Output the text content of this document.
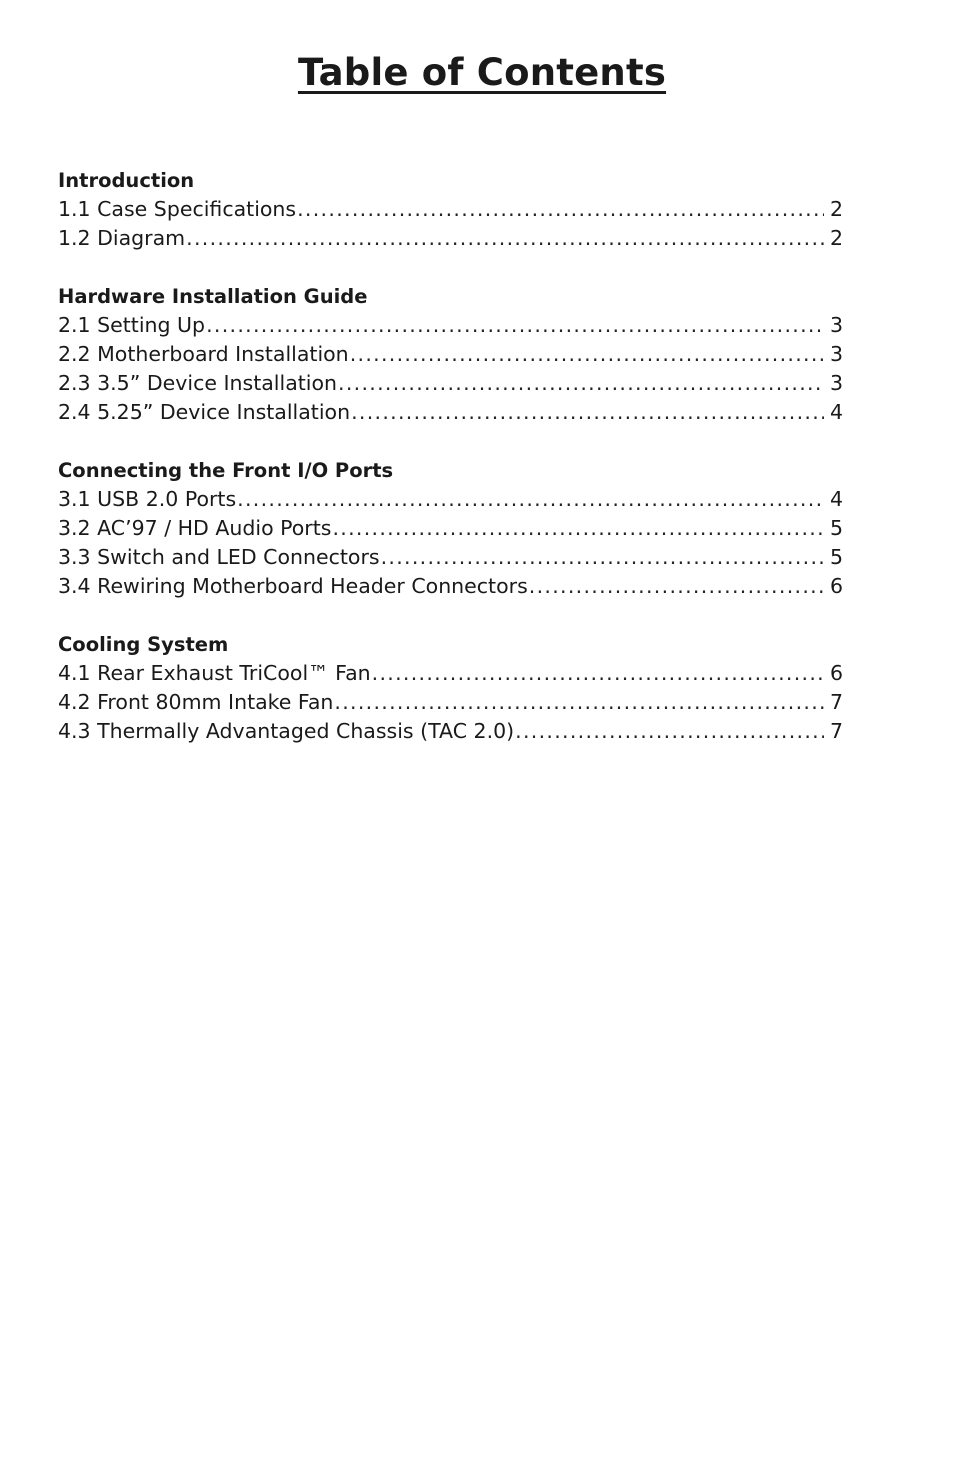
Table of Contents
Introduction
1.1 Case Specifications .....	2
1.2 Diagram .....	2
Hardware Installation Guide
2.1 Setting Up .....	3
2.2 Motherboard Installation .....	3
2.3 3.5” Device Installation .....	3
2.4 5.25” Device Installation .....	4
Connecting the Front I/O Ports
3.1 USB 2.0 Ports .....	4
3.2 AC’97 / HD Audio Ports .....	5
3.3 Switch and LED Connectors .....	5
3.4 Rewiring Motherboard Header Connectors .....	6
Cooling System
4.1 Rear Exhaust TriCool™ Fan .....	6
4.2 Front 80mm Intake Fan .....	7
4.3 Thermally Advantaged Chassis (TAC 2.0) .....	7
